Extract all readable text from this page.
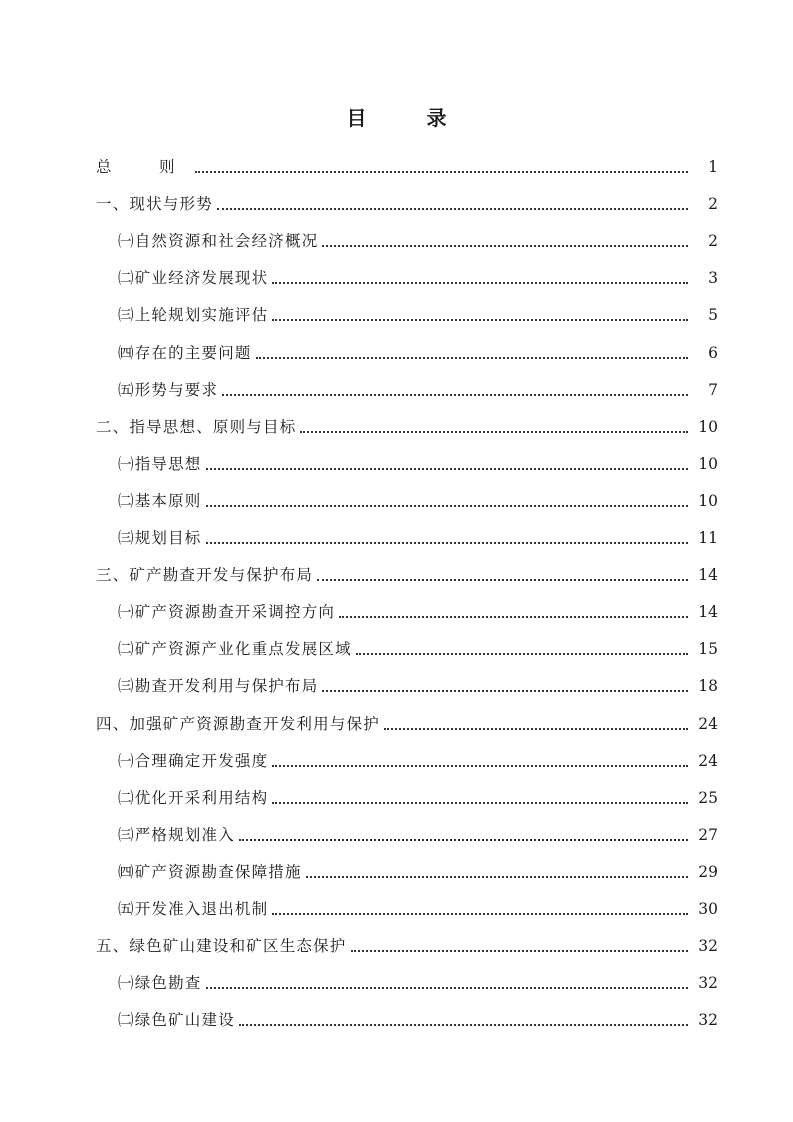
目　录
总　则	1
一、现状与形势	2
㈠自然资源和社会经济概况	2
㈡矿业经济发展现状	3
㈢上轮规划实施评估	5
㈣存在的主要问题	6
㈤形势与要求	7
二、指导思想、原则与目标	10
㈠指导思想	10
㈡基本原则	10
㈢规划目标	11
三、矿产勘查开发与保护布局	14
㈠矿产资源勘查开采调控方向	14
㈡矿产资源产业化重点发展区域	15
㈢勘查开发利用与保护布局	18
四、加强矿产资源勘查开发利用与保护	24
㈠合理确定开发强度	24
㈡优化开采利用结构	25
㈢严格规划准入	27
㈣矿产资源勘查保障措施	29
㈤开发准入退出机制	30
五、绿色矿山建设和矿区生态保护	32
㈠绿色勘查	32
㈡绿色矿山建设	32
